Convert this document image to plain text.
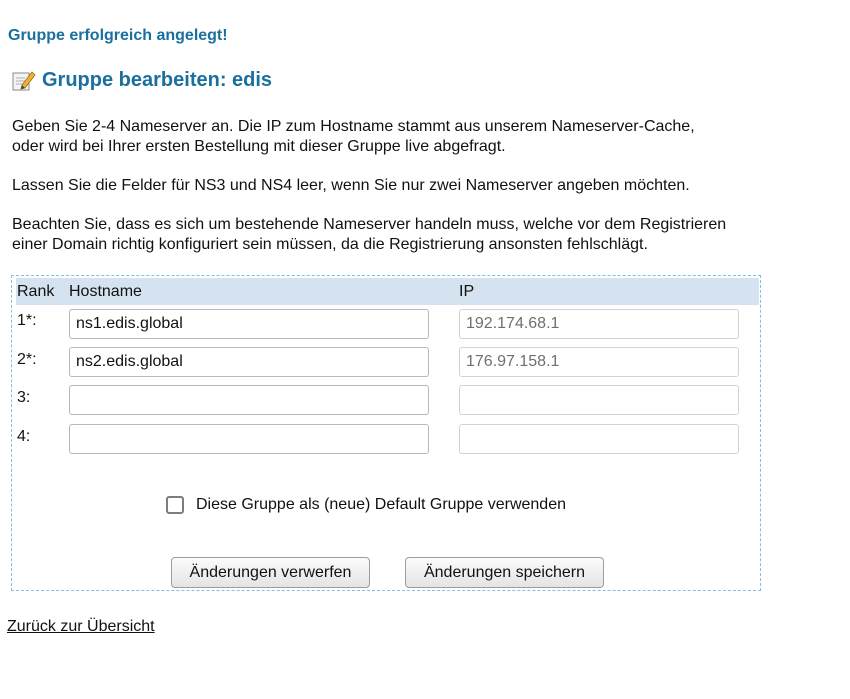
Gruppe erfolgreich angelegt!
Gruppe bearbeiten: edis

Geben Sie 2-4 Nameserver an. Die IP zum Hostname stammt aus unserem Nameserver-Cache,
oder wird bei Ihrer ersten Bestellung mit dieser Gruppe live abgefragt.

Lassen Sie die Felder für NS3 und NS4 leer, wenn Sie nur zwei Nameserver angeben möchten.

Beachten Sie, dass es sich um bestehende Nameserver handeln muss, welche vor dem Registrieren
einer Domain richtig konfiguriert sein müssen, da die Registrierung ansonsten fehlschlägt.

Rank Hostname	IP
1*:
ns1.edis.global
192.174.68.1
2*:
ns2.edis.global
176.97.158.1
3:
4:
Diese Gruppe als (neue) Default Gruppe verwenden
Änderungen verwerfen	Änderungen speichern
Zurück zur Übersicht
